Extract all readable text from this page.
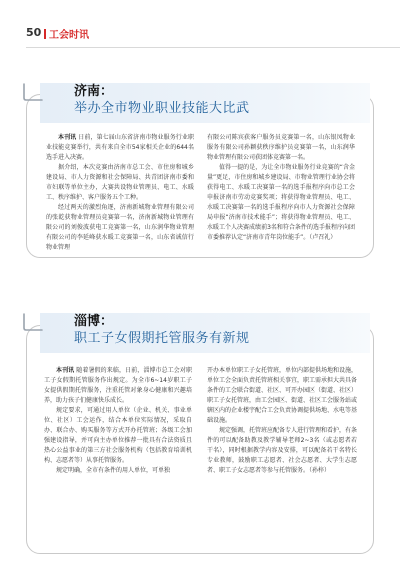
50 工会时讯
济南：
举办全市物业职业技能大比武

本刊讯 日前，第七届山东省济南市物业服务行业职业技能竞赛举行，共有来自全市54家相关企业的644名选手进入决赛。

据介绍，本次竞赛由济南市总工会、市住房和城乡建设局、市人力资源和社会保障局、共青团济南市委和市妇联等单位主办，大赛共设物业管理员、电工、水暖工、秩序维护、客户服务五个工种。

经过两天的激烈角逐，济南新城物业管理有限公司的张乾获物业管理员竞赛第一名，济南新城物业管理有限公司的刘俊波获电工竞赛第一名，山东润华物业管理有限公司的李延峰获水暖工竞赛第一名，山东省诚信行物业管理

有限公司陈宾获客户服务员竞赛第一名，山东银凤物业服务有限公司孙颖获秩序维护员竞赛第一名，山东润华物业管理有限公司获团体竞赛第一名。

值得一提的是，为让全市物业服务行业竞赛的“含金量”更足，市住房和城乡建设局、市物业管理行业协会将获得电工、水暖工决赛第一名的选手报程序向市总工会申报济南市劳动竞赛奖项；将获得物业管理员、电工、水暖工决赛第一名的选手报程序向市人力资源社会保障局申报“济南市技术能手”；将获得物业管理员、电工、水暖工个人决赛成绩前3名和符合条件的选手报程序向团市委推荐认定“济南市青年岗位能手”。（卢召礼）

淄博：
职工子女假期托管服务有新规

本刊讯 随着暑假的来临，日前，淄博市总工会对职工子女假期托管服务作出规定。为全市6~14岁职工子女提供假期托管服务，注重托管对象身心健康和兴趣培养，助力孩子们健康快乐成长。

规定要求，可通过用人单位（企业、机关、事业单位、社区）工会运作，结合本单位实际情况，采取自办、联合办、购买服务等方式开办托管班；各级工会加强建设指导，并可向主办单位推荐一批具有合法资质且热心公益事业的第三方社会服务机构（包括教育培训机构、志愿者等）从事托管服务。

规定明确，全市有条件的用人单位，可单独

开办本单位职工子女托管班，单位内部提供场地和设施，单位工会全面负责托管班相关事宜，职工需承担大共具备条件的工会联合街道、社区、可开办园区（街道、社区）职工子女托管班，由工会园区、街道、社区工会服务站或辖区内的企业楼宇配合工会负责协调提供场地、水电等基础设施。

规定强调，托管班应配备专人进行管理和看护，有条件的可以配备助教及教学辅导老师2~3名（或志愿者若干名），同时根据教学内容及安排，可以配备若干名特长专业教师，鼓励职工志愿者、社会志愿者、大学生志愿者、职工子女志愿者等参与托管服务。（孙梓）
